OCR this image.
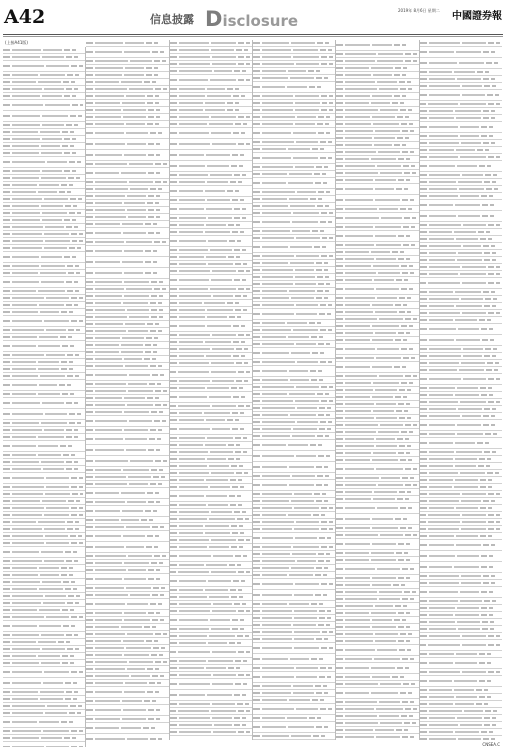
A42	信息披露 Disclosure
2019年 8月6日 星期二
中國證券報
(上接A41版)
CNSEA.C
